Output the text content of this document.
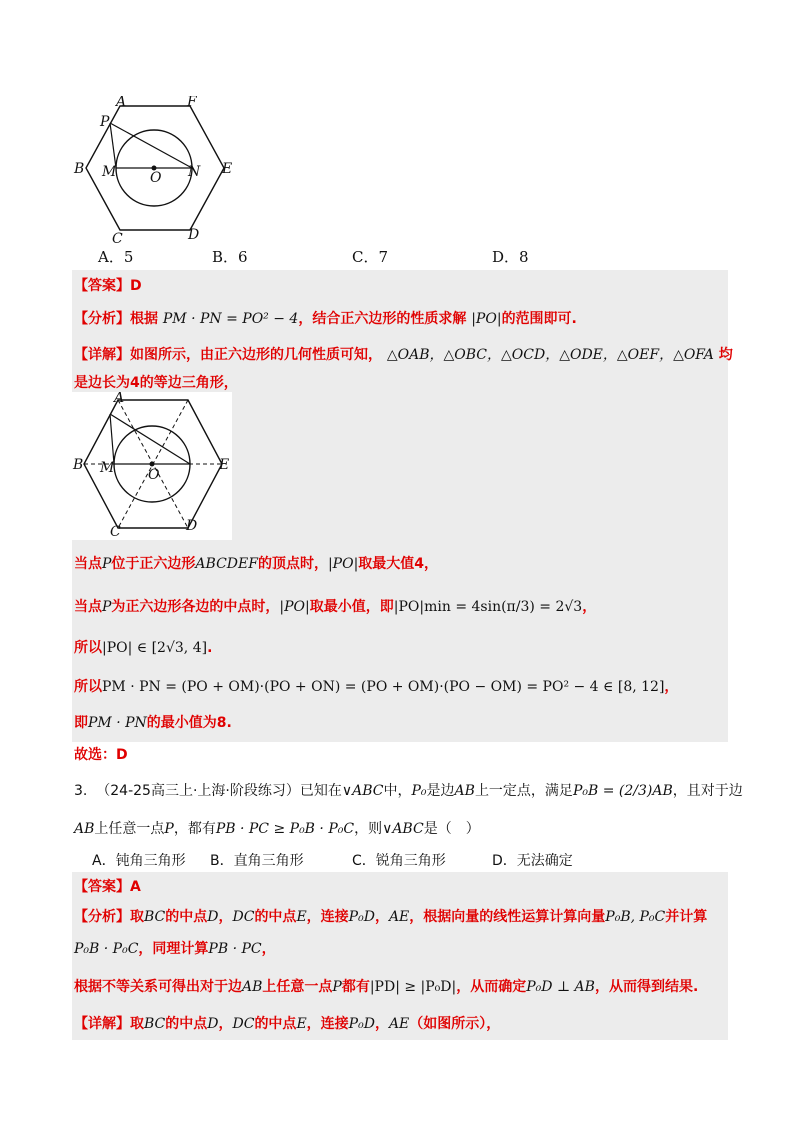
A	F
P
B M O N E
C	D
A．5	B．6	C．7	D．8
【答案】D
【分析】根据 PM · PN = PO² − 4，结合正六边形的性质求解 |PO|的范围即可.
【详解】如图所示，由正六边形的几何性质可知， △OAB，△OBC，△OCD，△ODE，△OEF，△OFA 均
是边长为4的等边三角形，
A
B M O
E
C	D
当点P位于正六边形ABCDEF的顶点时，|PO|取最大值4，
当点P为正六边形各边的中点时，|PO|取最小值，即|PO|min = 4sin(π/3) = 2√3，
所以|PO| ∈ [2√3, 4].
所以PM · PN = (PO + OM)·(PO + ON) = (PO + OM)·(PO − OM) = PO² − 4 ∈ [8, 12]，
即PM · PN的最小值为8.
故选：D
3. （24-25高三上·上海·阶段练习）已知在∨ABC中，P₀是边AB上一定点，满足P₀B = (2/3)AB，且对于边
AB上任意一点P，都有PB · PC ≥ P₀B · P₀C，则∨ABC是（　）
A．钝角三角形 B．直角三角形	C．锐角三角形	D．无法确定
【答案】A
【分析】取BC的中点D，DC的中点E，连接P₀D，AE，根据向量的线性运算计算向量P₀B, P₀C并计算
P₀B · P₀C，同理计算PB · PC，
根据不等关系可得出对于边AB上任意一点P都有|PD| ≥ |P₀D|，从而确定P₀D ⊥ AB，从而得到结果.
【详解】取BC的中点D，DC的中点E，连接P₀D，AE（如图所示），
